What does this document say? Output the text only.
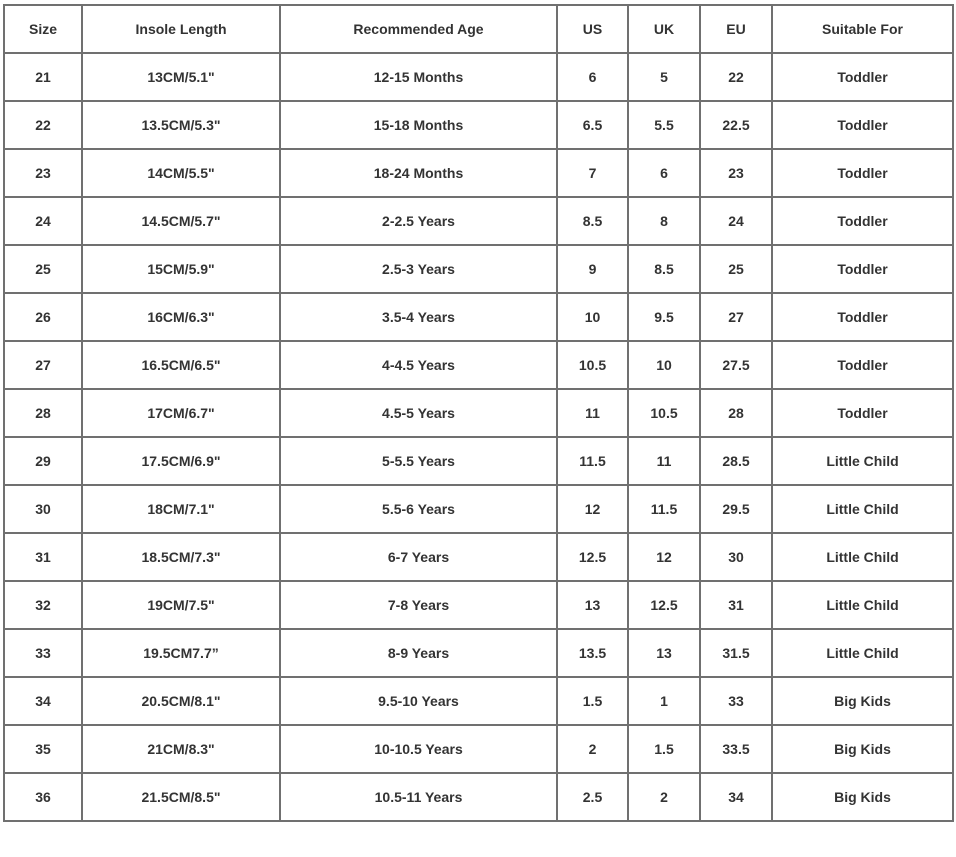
Size	Insole Length	Recommended Age	US	UK	EU	Suitable For
21	13CM/5.1"	12-15 Months	6	5	22	Toddler
22	13.5CM/5.3"	15-18 Months	6.5	5.5	22.5	Toddler
23	14CM/5.5"	18-24 Months	7	6	23	Toddler
24	14.5CM/5.7"	2-2.5 Years	8.5	8	24	Toddler
25	15CM/5.9"	2.5-3 Years	9	8.5	25	Toddler
26	16CM/6.3"	3.5-4 Years	10	9.5	27	Toddler
27	16.5CM/6.5"	4-4.5 Years	10.5	10	27.5	Toddler
28	17CM/6.7"	4.5-5 Years	11	10.5	28	Toddler
29	17.5CM/6.9"	5-5.5 Years	11.5	11	28.5	Little Child
30	18CM/7.1"	5.5-6 Years	12	11.5	29.5	Little Child
31	18.5CM/7.3"	6-7 Years	12.5	12	30	Little Child
32	19CM/7.5"	7-8 Years	13	12.5	31	Little Child
33	19.5CM7.7”	8-9 Years	13.5	13	31.5	Little Child
34	20.5CM/8.1"	9.5-10 Years	1.5	1	33	Big Kids
35	21CM/8.3"	10-10.5 Years	2	1.5	33.5	Big Kids
36	21.5CM/8.5"	10.5-11 Years	2.5	2	34	Big Kids
